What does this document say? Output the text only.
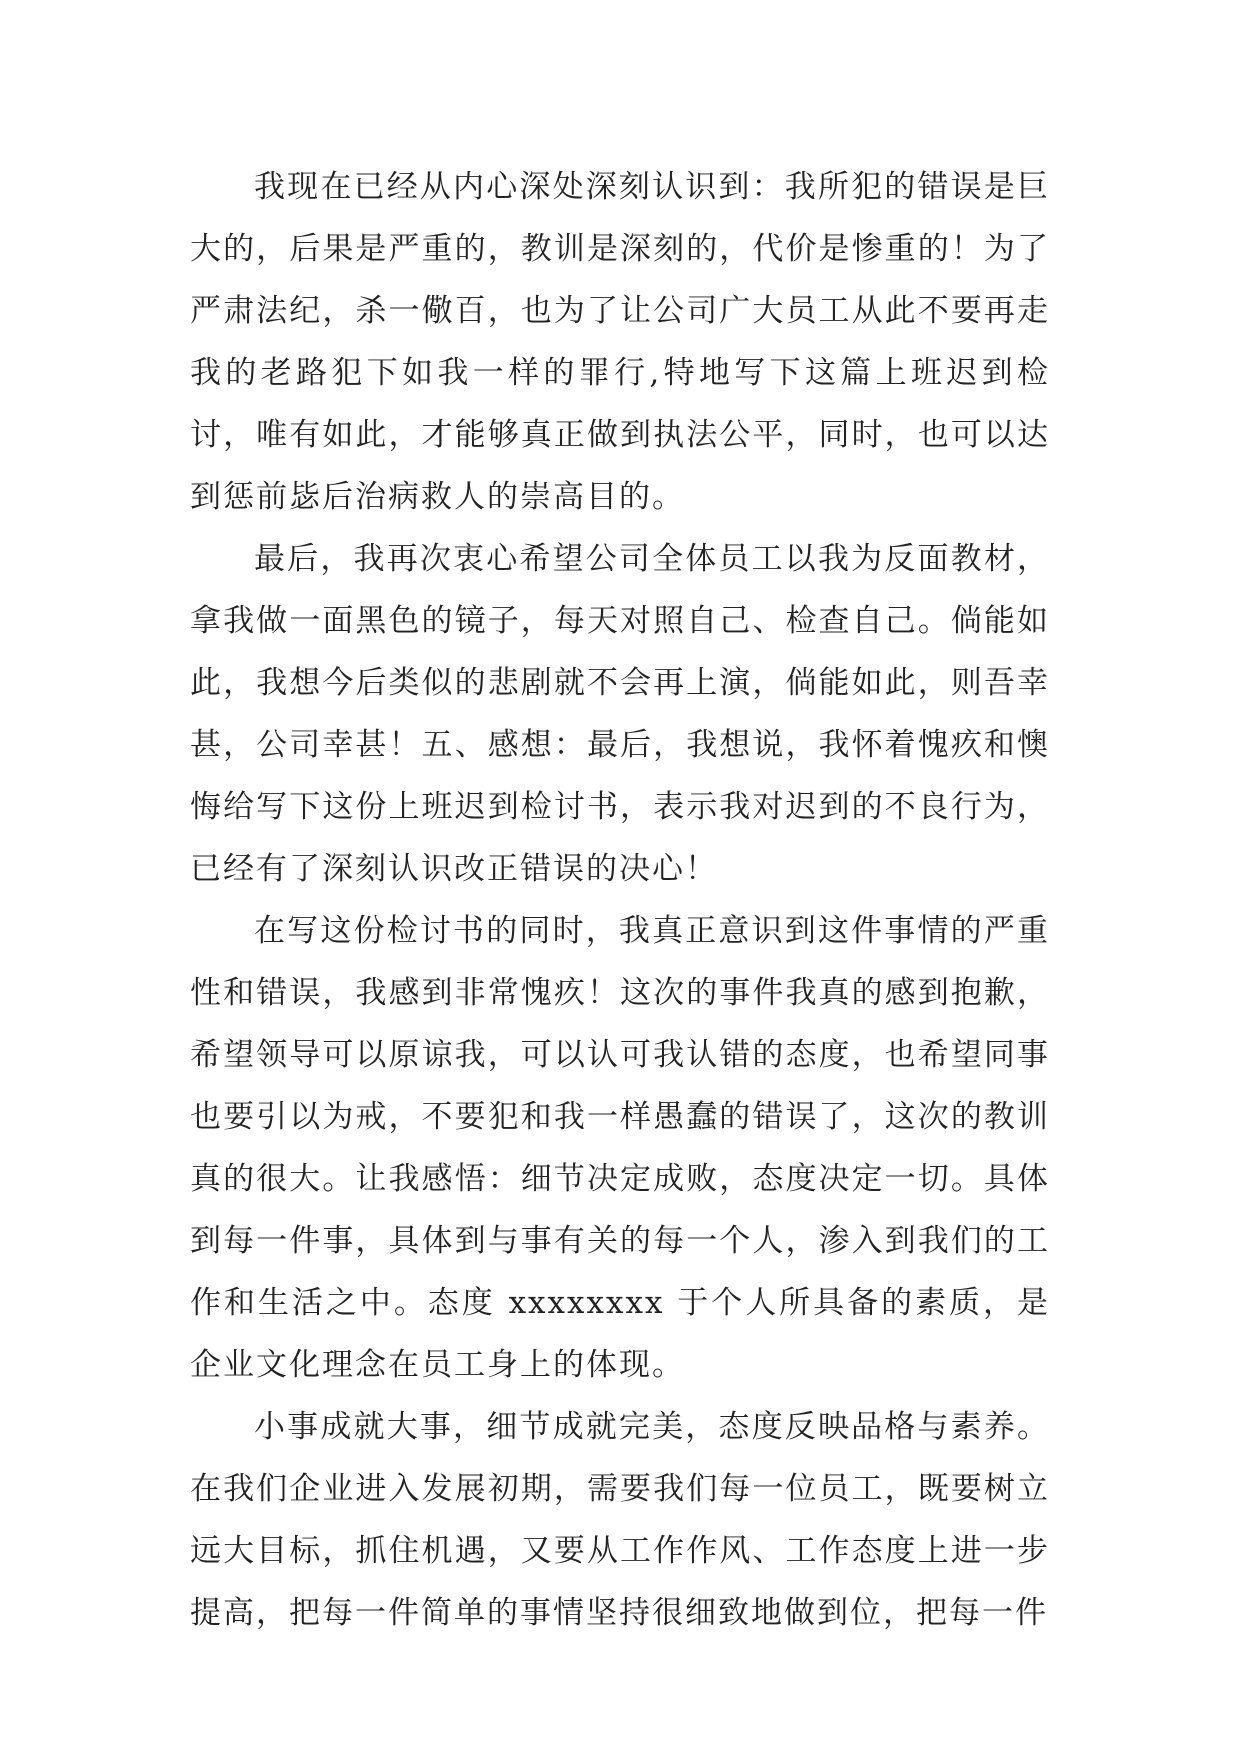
我现在已经从内心深处深刻认识到：我所犯的错误是巨大的，后果是严重的，教训是深刻的，代价是惨重的！为了严肃法纪，杀一儆百，也为了让公司广大员工从此不要再走我的老路犯下如我一样的罪行,特地写下这篇上班迟到检讨，唯有如此，才能够真正做到执法公平，同时，也可以达到惩前毖后治病救人的崇高目的。

最后，我再次衷心希望公司全体员工以我为反面教材，拿我做一面黑色的镜子，每天对照自己、检查自己。倘能如此，我想今后类似的悲剧就不会再上演，倘能如此，则吾幸甚，公司幸甚！五、感想：最后，我想说，我怀着愧疚和懊悔给写下这份上班迟到检讨书，表示我对迟到的不良行为，已经有了深刻认识改正错误的决心！

在写这份检讨书的同时，我真正意识到这件事情的严重性和错误，我感到非常愧疚！这次的事件我真的感到抱歉，希望领导可以原谅我，可以认可我认错的态度，也希望同事也要引以为戒，不要犯和我一样愚蠢的错误了，这次的教训真的很大。让我感悟：细节决定成败，态度决定一切。具体到每一件事，具体到与事有关的每一个人，渗入到我们的工作和生活之中。态度 xxxxxxxx 于个人所具备的素质，是企业文化理念在员工身上的体现。

小事成就大事，细节成就完美，态度反映品格与素养。在我们企业进入发展初期，需要我们每一位员工，既要树立远大目标，抓住机遇，又要从工作作风、工作态度上进一步提高，把每一件简单的事情坚持很细致地做到位，把每一件
